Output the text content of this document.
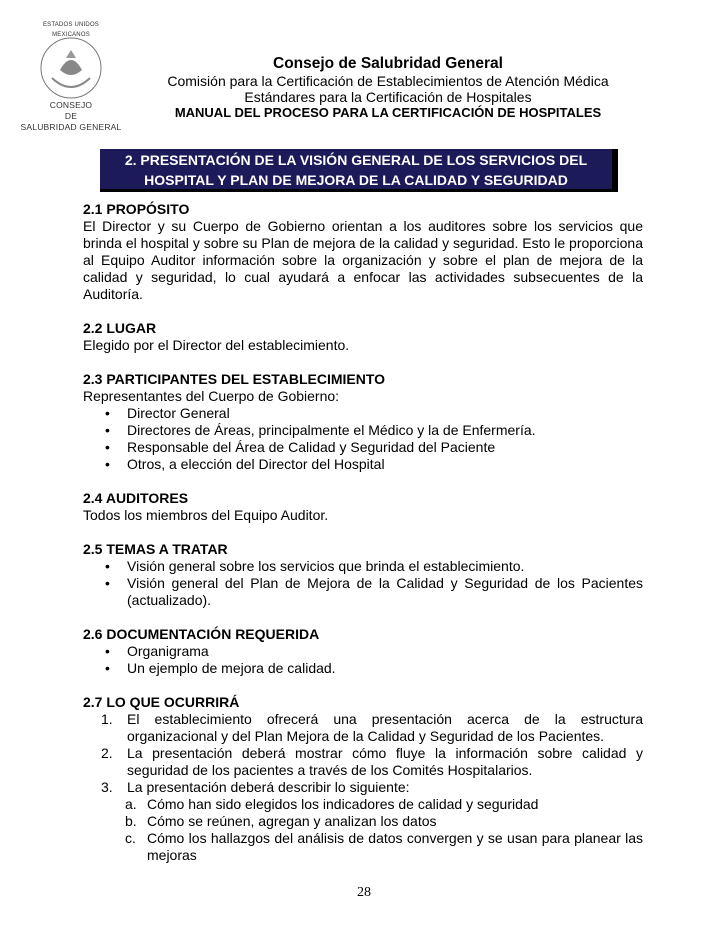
ESTADOS UNIDOS MEXICANOS
CONSEJO
DE
SALUBRIDAD GENERAL
Consejo de Salubridad General
Comisión para la Certificación de Establecimientos de Atención Médica
Estándares para la Certificación de Hospitales
MANUAL DEL PROCESO PARA LA CERTIFICACIÓN DE HOSPITALES
2. PRESENTACIÓN DE LA VISIÓN GENERAL DE LOS SERVICIOS DEL
HOSPITAL Y PLAN DE MEJORA DE LA CALIDAD Y SEGURIDAD

2.1 PROPÓSITO

El Director y su Cuerpo de Gobierno orientan a los auditores sobre los servicios que brinda el hospital y sobre su Plan de mejora de la calidad y seguridad. Esto le proporciona al Equipo Auditor información sobre la organización y sobre el plan de mejora de la calidad y seguridad, lo cual ayudará a enfocar las actividades subsecuentes de la Auditoría.

2.2 LUGAR

Elegido por el Director del establecimiento.

2.3 PARTICIPANTES DEL ESTABLECIMIENTO

Representantes del Cuerpo de Gobierno:

• Director General
• Directores de Áreas, principalmente el Médico y la de Enfermería.
• Responsable del Área de Calidad y Seguridad del Paciente
• Otros, a elección del Director del Hospital

2.4 AUDITORES

Todos los miembros del Equipo Auditor.

2.5 TEMAS A TRATAR

• Visión general sobre los servicios que brinda el establecimiento.
• Visión general del Plan de Mejora de la Calidad y Seguridad de los Pacientes (actualizado).

2.6 DOCUMENTACIÓN REQUERIDA

• Organigrama
• Un ejemplo de mejora de calidad.

2.7 LO QUE OCURRIRÁ

1. El establecimiento ofrecerá una presentación acerca de la estructura organizacional y del Plan Mejora de la Calidad y Seguridad de los Pacientes.
2. La presentación deberá mostrar cómo fluye la información sobre calidad y seguridad de los pacientes a través de los Comités Hospitalarios.
3. La presentación deberá describir lo siguiente:
a. Cómo han sido elegidos los indicadores de calidad y seguridad
b. Cómo se reúnen, agregan y analizan los datos
c. Cómo los hallazgos del análisis de datos convergen y se usan para planear las mejoras
28
